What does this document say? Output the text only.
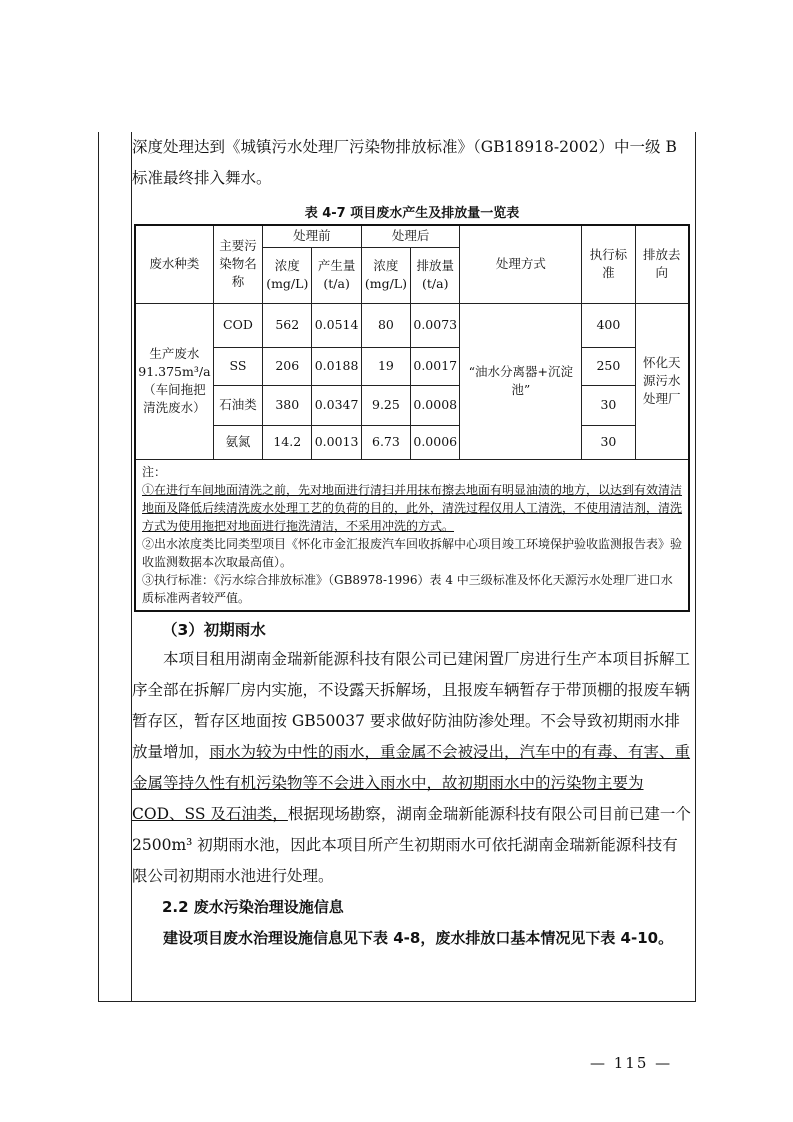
深度处理达到《城镇污水处理厂污染物排放标准》（GB18918-2002）中一级 B

标准最终排入舞水。

表 4-7 项目废水产生及排放量一览表
废水种类	主要污染物名称	处理前		处理后		处理方式	执行标准	排放去向
		浓度(mg/L)	产生量(t/a)	浓度(mg/L)	排放量(t/a)			
生产废水91.375m³/a（车间拖把清洗废水）	COD	562	0.0514	80	0.0073	“油水分离器+沉淀池”	400	怀化天源污水处理厂
	SS	206	0.0188	19	0.0017		250	
	石油类	380	0.0347	9.25	0.0008		30	
	氨氮	14.2	0.0013	6.73	0.0006		30	

注：
①在进行车间地面清洗之前，先对地面进行清扫并用抹布擦去地面有明显油渍的地方，以达到有效清洁地面及降低后续清洗废水处理工艺的负荷的目的，此外，清洗过程仅用人工清洗，不使用清洁剂，清洗方式为使用拖把对地面进行拖洗清洁，不采用冲洗的方式。
②出水浓度类比同类型项目《怀化市金汇报废汽车回收拆解中心项目竣工环境保护验收监测报告表》验收监测数据本次取最高值）。
③执行标准：《污水综合排放标准》（GB8978-1996）表 4 中三级标准及怀化天源污水处理厂进口水质标准两者较严值。								
（3）初期雨水

本项目租用湖南金瑞新能源科技有限公司已建闲置厂房进行生产本项目拆解工序全部在拆解厂房内实施，不设露天拆解场，且报废车辆暂存于带顶棚的报废车辆暂存区，暂存区地面按 GB50037 要求做好防油防渗处理。不会导致初期雨水排放量增加，雨水为较为中性的雨水，重金属不会被浸出，汽车中的有毒、有害、重金属等持久性有机污染物等不会进入雨水中，故初期雨水中的污染物主要为 COD、SS 及石油类，根据现场勘察，湖南金瑞新能源科技有限公司目前已建一个 2500m³ 初期雨水池，因此本项目所产生初期雨水可依托湖南金瑞新能源科技有限公司初期雨水池进行处理。

2.2 废水污染治理设施信息

建设项目废水治理设施信息见下表 4-8，废水排放口基本情况见下表 4-10。

— 115 —
